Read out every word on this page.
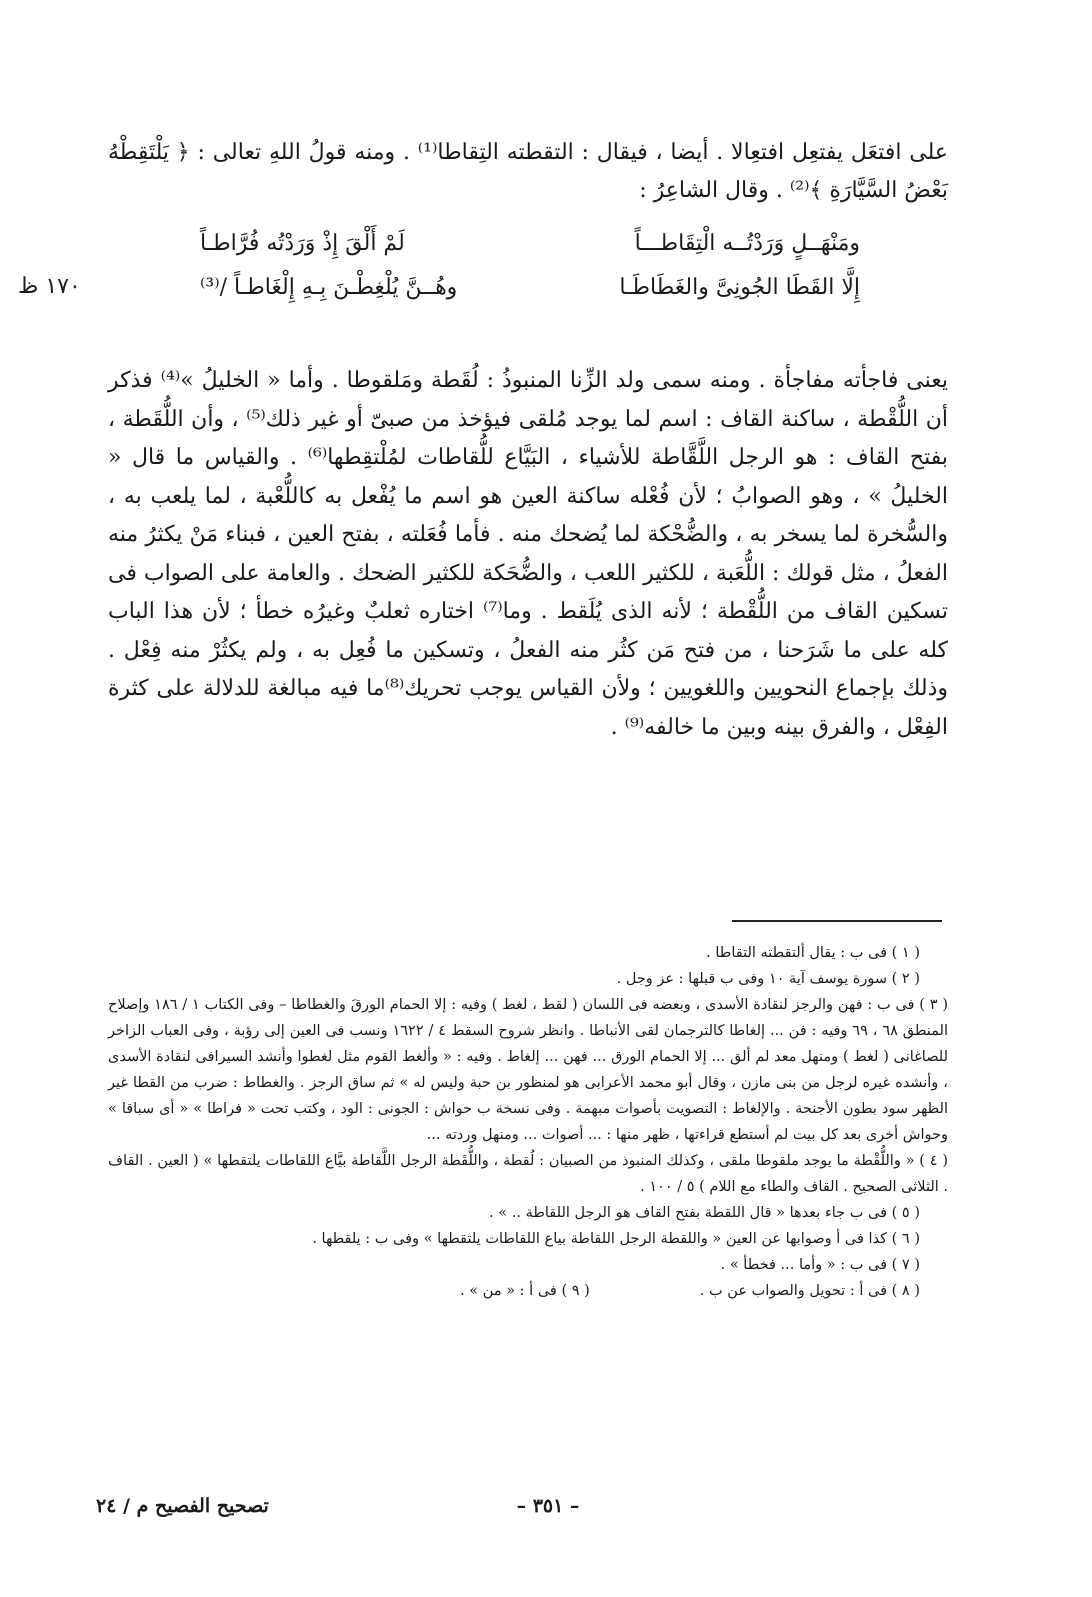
على افتعَل يفتعِل افتعِالا . أيضا ، فيقال : التقطته التِقاطا⁽¹⁾ . ومنه قولُ اللهِ تعالى : ﴿ يَلْتَقِطْهُ بَعْضُ السَّيَّارَةِ ﴾⁽²⁾ . وقال الشاعِرُ :

ومَنْهَــلٍ وَرَدْتُــه الْتِقَاطـــاً
لَمْ أَلْقَ إِذْ وَرَدْتُه فُرَّاطـاً
إِلَّا القَطَا الجُونِىَّ والغَطَاطَـا
وهُــنَّ يُلْغِطْـنَ بِـهِ إِلْغَاطـاً /⁽³⁾
١٧٠ ظ

يعنى فاجأته مفاجأة . ومنه سمى ولد الزِّنا المنبوذُ : لُقَطة ومَلقوطا . وأما « الخليلُ »⁽⁴⁾ فذكر أن اللُّقْطة ، ساكنة القاف : اسم لما يوجد مُلقى فيؤخذ من صبىّ أو غير ذلك⁽⁵⁾ ، وأن اللُّقَطة ، بفتح القاف : هو الرجل اللَّقَّاطة للأشياء ، البَيَّاع للُّقاطات لمُلْتقِطها⁽⁶⁾ . والقياس ما قال « الخليلُ » ، وهو الصوابُ ؛ لأن فُعْله ساكنة العين هو اسم ما يُفْعل به كاللُّعْبة ، لما يلعب به ، والسُّخرة لما يسخر به ، والضُّحْكة لما يُضحك منه . فأما فُعَلته ، بفتح العين ، فبناء مَنْ يكثرُ منه الفعلُ ، مثل قولك : اللُّعَبة ، للكثير اللعب ، والضُّحَكة للكثير الضحك . والعامة على الصواب فى تسكين القاف من اللُّقْطة ؛ لأنه الذى يُلَقط . وما⁽⁷⁾ اختاره ثعلبٌ وغيرُه خطأ ؛ لأن هذا الباب كله على ما شَرَحنا ، من فتح مَن كثُر منه الفعلُ ، وتسكين ما فُعِل به ، ولم يكثُرْ منه فِعْل . وذلك بإجماع النحويين واللغويين ؛ ولأن القياس يوجب تحريك⁽⁸⁾ما فيه مبالغة للدلالة على كثرة الفِعْل ، والفرق بينه وبين ما خالفه⁽⁹⁾ .

( ١ ) فى ب : يقال ألتقطته التقاطا .

( ٢ ) سورة يوسف آية ١٠ وفى ب قبلها : عز وجل .

( ٣ ) فى ب : فهن والرجز لنقادة الأسدى ، وبعضه فى اللسان ( لقط ، لغط ) وفيه : إلا الحمام الورقَ والغطاطا – وفى الكتاب ١ / ١٨٦ وإصلاح المنطق ٦٨ ، ٦٩ وفيه : فن ... إلغاطا كالترجمان لقى الأنباطا . وانظر شروح السقط ٤ / ١٦٢٢ ونسب فى العين إلى رؤبة ، وفى العباب الزاخر للصاغانى ( لغط ) ومنهل معد لم ألق ... إلا الحمام الورق ... فهن ... إلغاط . وفيه : « وألغط القوم مثل لغطوا وأنشد السيرافى لنقادة الأسدى ، وأنشده غيره لرجل من بنى مازن ، وقال أبو محمد الأعرابى هو لمنظور بن حبة وليس له » ثم ساق الرجز . والغطاط : ضرب من القطا غير الظهر سود بطون الأجنحة . والإلغاط : التصويت بأصوات مبهمة . وفى نسخة ب حواش : الجونى : الود ، وكتب تحت « فراطا » « أى سباقا » وحواش أخرى بعد كل بيت لم أستطع قراءتها ، ظهر منها : ... أصوات ... ومنهل وردته ...

( ٤ ) « واللُّقْطة ما يوجد ملقوطا ملقى ، وكذلك المنبوذ من الصبيان : لُقطة ، واللُّقَطة الرجل اللَّقاطة بيَّاع اللقاطات يلتقطها » ( العين . القاف . الثلاثى الصحيح . القاف والطاء مع اللام ) ٥ / ١٠٠ .

( ٥ ) فى ب جاء بعدها « قال اللقطة بفتح القاف هو الرجل اللقاطة .. » .

( ٦ ) كذا فى أ وصوابها عن العين « واللقطة الرجل اللقاطة بياع اللقاطات يلتقطها » وفى ب : يلقطها .

( ٧ ) فى ب : « وأما ... فخطأ » .

( ٨ ) فى أ : تحويل والصواب عن ب .

( ٩ ) فى أ : « من » .

– ٣٥١ –
تصحيح الفصيح م / ٢٤
